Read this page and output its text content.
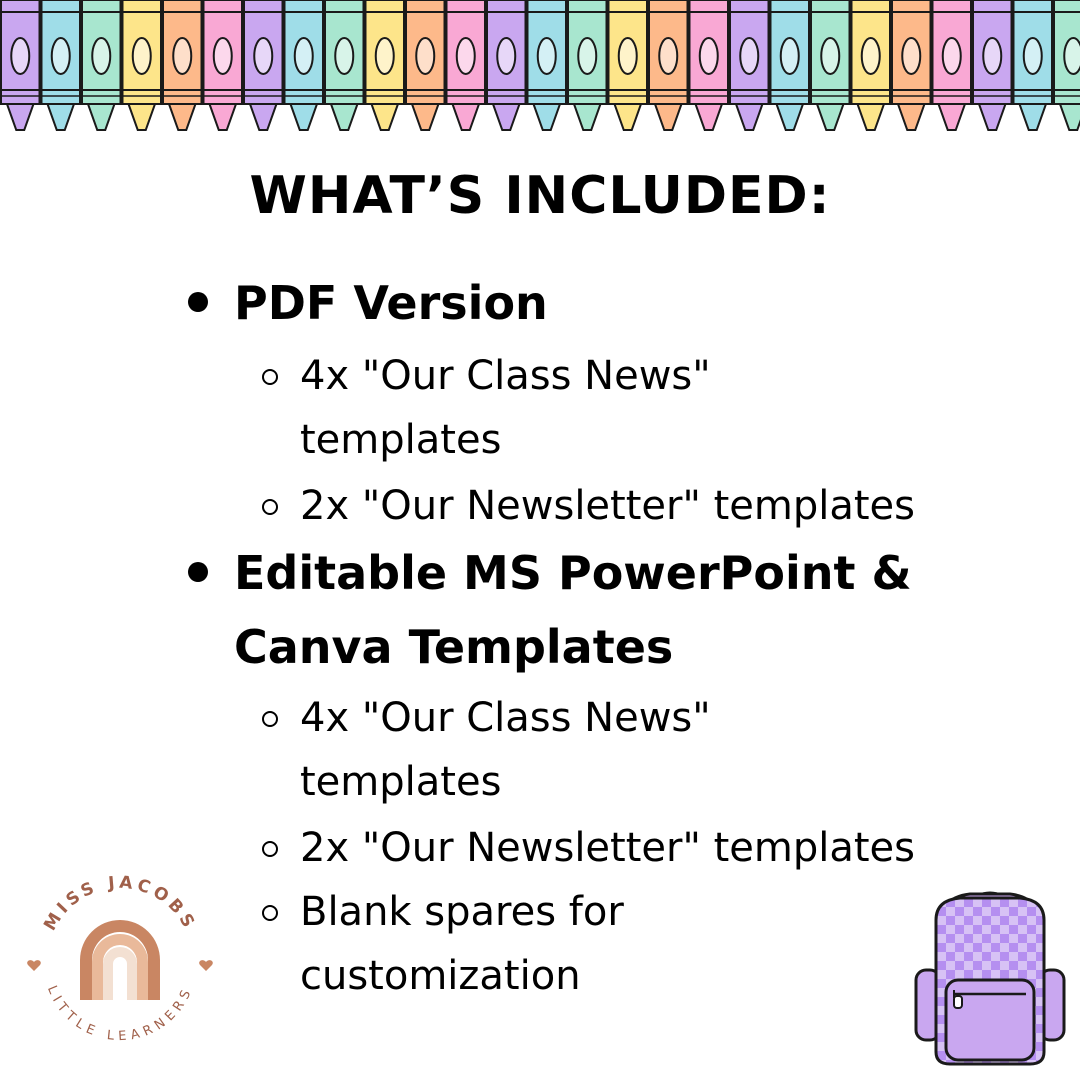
WHAT’S INCLUDED:
PDF Version
4x "Our Class News"
templates
2x "Our Newsletter" templates
Editable MS PowerPoint &
Canva Templates
4x "Our Class News"
templates
2x "Our Newsletter" templates
Blank spares for
customization
MISS JACOBS
LITTLE LEARNERS
